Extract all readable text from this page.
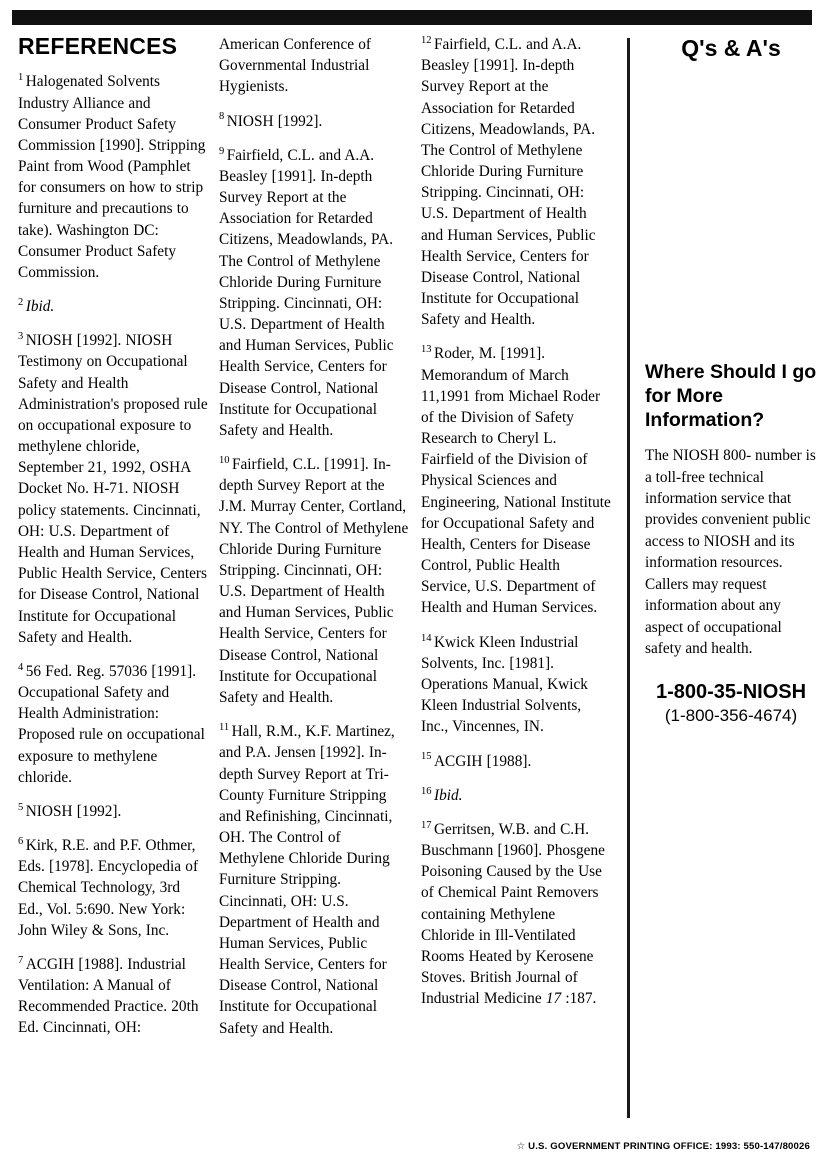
REFERENCES

$^1$ Halogenated Solvents Industry Alliance and Consumer Product Safety Commission [1990]. Stripping Paint from Wood (Pamphlet for consumers on how to strip furniture and precautions to take). Washington DC: Consumer Product Safety Commission.

$^2$ Ibid.

$^3$ NIOSH [1992]. NIOSH Testimony on Occupational Safety and Health Administration's proposed rule on occupational exposure to methylene chloride, September 21, 1992, OSHA Docket No. H-71. NIOSH policy statements. Cincinnati, OH: U.S. Department of Health and Human Services, Public Health Service, Centers for Disease Control, National Institute for Occupational Safety and Health.

$^4$ 56 Fed. Reg. 57036 [1991]. Occupational Safety and Health Administration: Proposed rule on occupational exposure to methylene chloride.

$^5$ NIOSH [1992].

$^6$ Kirk, R.E. and P.F. Othmer, Eds. [1978]. Encyclopedia of Chemical Technology, 3rd Ed., Vol. 5:690. New York: John Wiley & Sons, Inc.

$^7$ ACGIH [1988]. Industrial Ventilation: A Manual of Recommended Practice. 20th Ed. Cincinnati, OH:

American Conference of Governmental Industrial Hygienists.

$^8$ NIOSH [1992].

$^9$ Fairfield, C.L. and A.A. Beasley [1991]. In-depth Survey Report at the Association for Retarded Citizens, Meadowlands, PA. The Control of Methylene Chloride During Furniture Stripping. Cincinnati, OH: U.S. Department of Health and Human Services, Public Health Service, Centers for Disease Control, National Institute for Occupational Safety and Health.

$^{10}$ Fairfield, C.L. [1991]. In-depth Survey Report at the J.M. Murray Center, Cortland, NY. The Control of Methylene Chloride During Furniture Stripping. Cincinnati, OH: U.S. Department of Health and Human Services, Public Health Service, Centers for Disease Control, National Institute for Occupational Safety and Health.

$^{11}$ Hall, R.M., K.F. Martinez, and P.A. Jensen [1992]. In-depth Survey Report at Tri-County Furniture Stripping and Refinishing, Cincinnati, OH. The Control of Methylene Chloride During Furniture Stripping. Cincinnati, OH: U.S. Department of Health and Human Services, Public Health Service, Centers for Disease Control, National Institute for Occupational Safety and Health.

$^{12}$ Fairfield, C.L. and A.A. Beasley [1991]. In-depth Survey Report at the Association for Retarded Citizens, Meadowlands, PA. The Control of Methylene Chloride During Furniture Stripping. Cincinnati, OH: U.S. Department of Health and Human Services, Public Health Service, Centers for Disease Control, National Institute for Occupational Safety and Health.

$^{13}$ Roder, M. [1991]. Memorandum of March 11,1991 from Michael Roder of the Division of Safety Research to Cheryl L. Fairfield of the Division of Physical Sciences and Engineering, National Institute for Occupational Safety and Health, Centers for Disease Control, Public Health Service, U.S. Department of Health and Human Services.

$^{14}$ Kwick Kleen Industrial Solvents, Inc. [1981]. Operations Manual, Kwick Kleen Industrial Solvents, Inc., Vincennes, IN.

$^{15}$ ACGIH [1988].

$^{16}$ Ibid.

$^{17}$ Gerritsen, W.B. and C.H. Buschmann [1960]. Phosgene Poisoning Caused by the Use of Chemical Paint Removers containing Methylene Chloride in Ill-Ventilated Rooms Heated by Kerosene Stoves. British Journal of Industrial Medicine 17 :187.

Q's & A's
Where Should I go for More Information?

The NIOSH 800- number is a toll-free technical information service that provides convenient public access to NIOSH and its information resources. Callers may request information about any aspect of occupational safety and health.

1-800-35-NIOSH

(1-800-356-4674)

☆ U.S. GOVERNMENT PRINTING OFFICE: 1993: 550-147/80026
